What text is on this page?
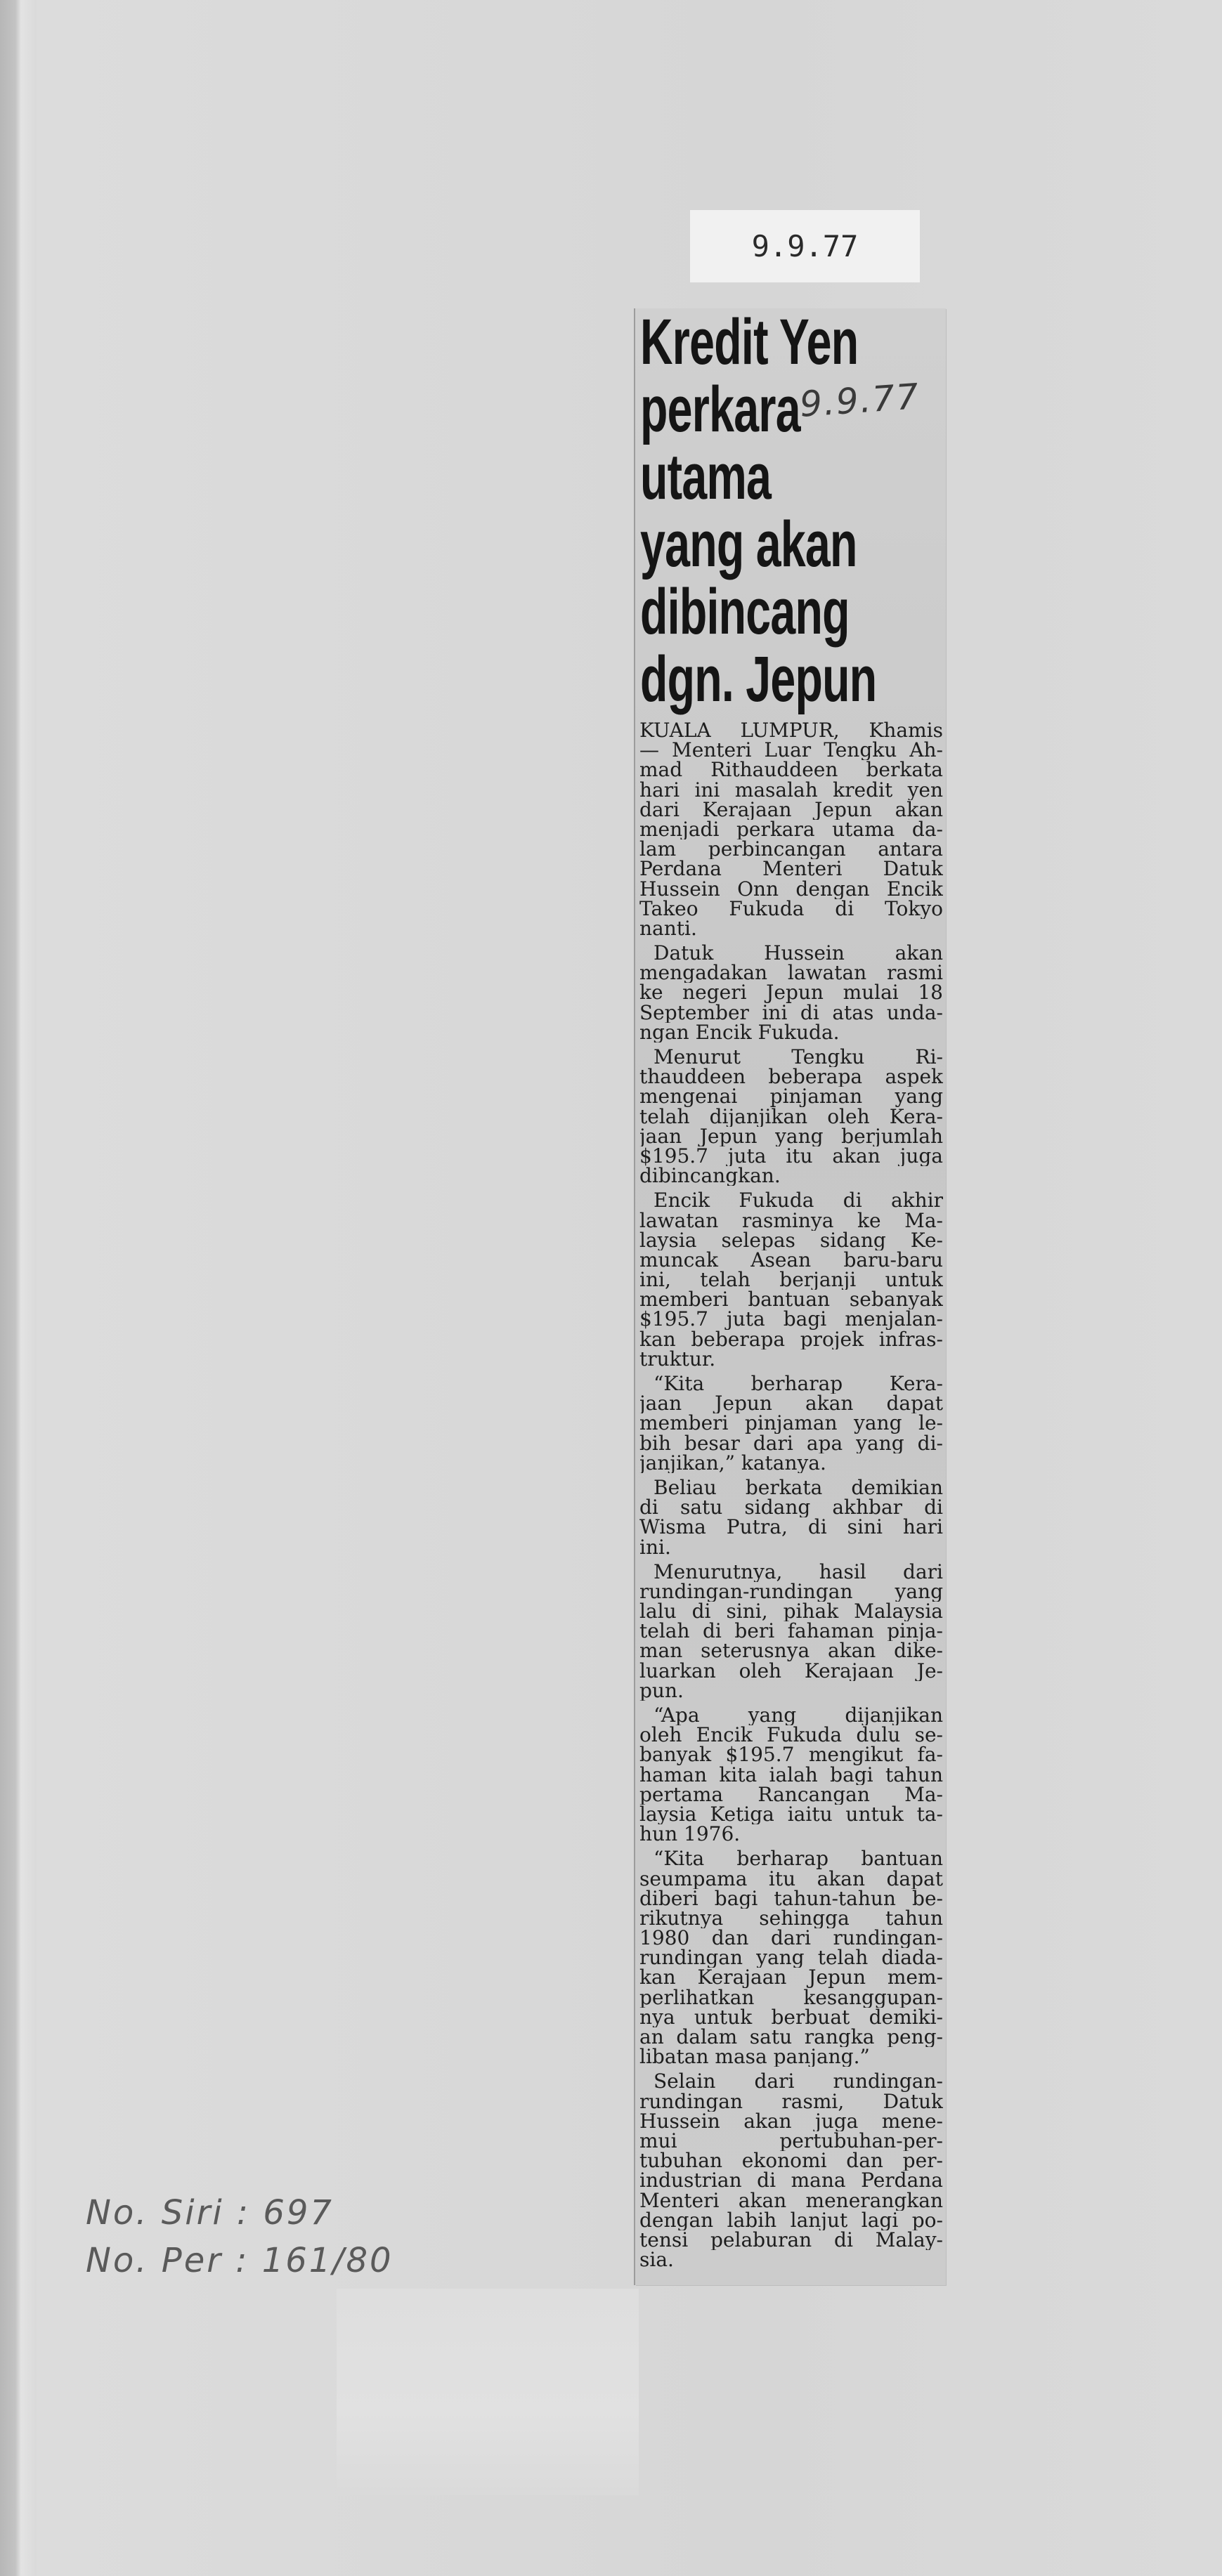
9.9.77
Kredit Yen
perkara
utama
yang akan
dibincang
dgn. Jepun
9.9.77
KUALA LUMPUR, Khamis
— Menteri Luar Tengku Ah-
mad Rithauddeen berkata
hari ini masalah kredit yen
dari Kerajaan Jepun akan
menjadi perkara utama da-
lam perbincangan antara
Perdana Menteri Datuk
Hussein Onn dengan Encik
Takeo Fukuda di Tokyo
nanti.
Datuk Hussein akan
mengadakan lawatan rasmi
ke negeri Jepun mulai 18
September ini di atas unda-
ngan Encik Fukuda.
Menurut Tengku Ri-
thauddeen beberapa aspek
mengenai pinjaman yang
telah dijanjikan oleh Kera-
jaan Jepun yang berjumlah
$195.7 juta itu akan juga
dibincangkan.
Encik Fukuda di akhir
lawatan rasminya ke Ma-
laysia selepas sidang Ke-
muncak Asean baru-baru
ini, telah berjanji untuk
memberi bantuan sebanyak
$195.7 juta bagi menjalan-
kan beberapa projek infras-
truktur.
“Kita berharap Kera-
jaan Jepun akan dapat
memberi pinjaman yang le-
bih besar dari apa yang di-
janjikan,” katanya.
Beliau berkata demikian
di satu sidang akhbar di
Wisma Putra, di sini hari
ini.
Menurutnya, hasil dari
rundingan-rundingan yang
lalu di sini, pihak Malaysia
telah di beri fahaman pinja-
man seterusnya akan dike-
luarkan oleh Kerajaan Je-
pun.
“Apa yang dijanjikan
oleh Encik Fukuda dulu se-
banyak $195.7 mengikut fa-
haman kita ialah bagi tahun
pertama Rancangan Ma-
laysia Ketiga iaitu untuk ta-
hun 1976.
“Kita berharap bantuan
seumpama itu akan dapat
diberi bagi tahun-tahun be-
rikutnya sehingga tahun
1980 dan dari rundingan-
rundingan yang telah diada-
kan Kerajaan Jepun mem-
perlihatkan kesanggupan-
nya untuk berbuat demiki-
an dalam satu rangka peng-
libatan masa panjang.”
Selain dari rundingan-
rundingan rasmi, Datuk
Hussein akan juga mene-
mui pertubuhan-per-
tubuhan ekonomi dan per-
industrian di mana Perdana
Menteri akan menerangkan
dengan labih lanjut lagi po-
tensi pelaburan di Malay-
sia.
No. Siri : 697
No. Per : 161/80
